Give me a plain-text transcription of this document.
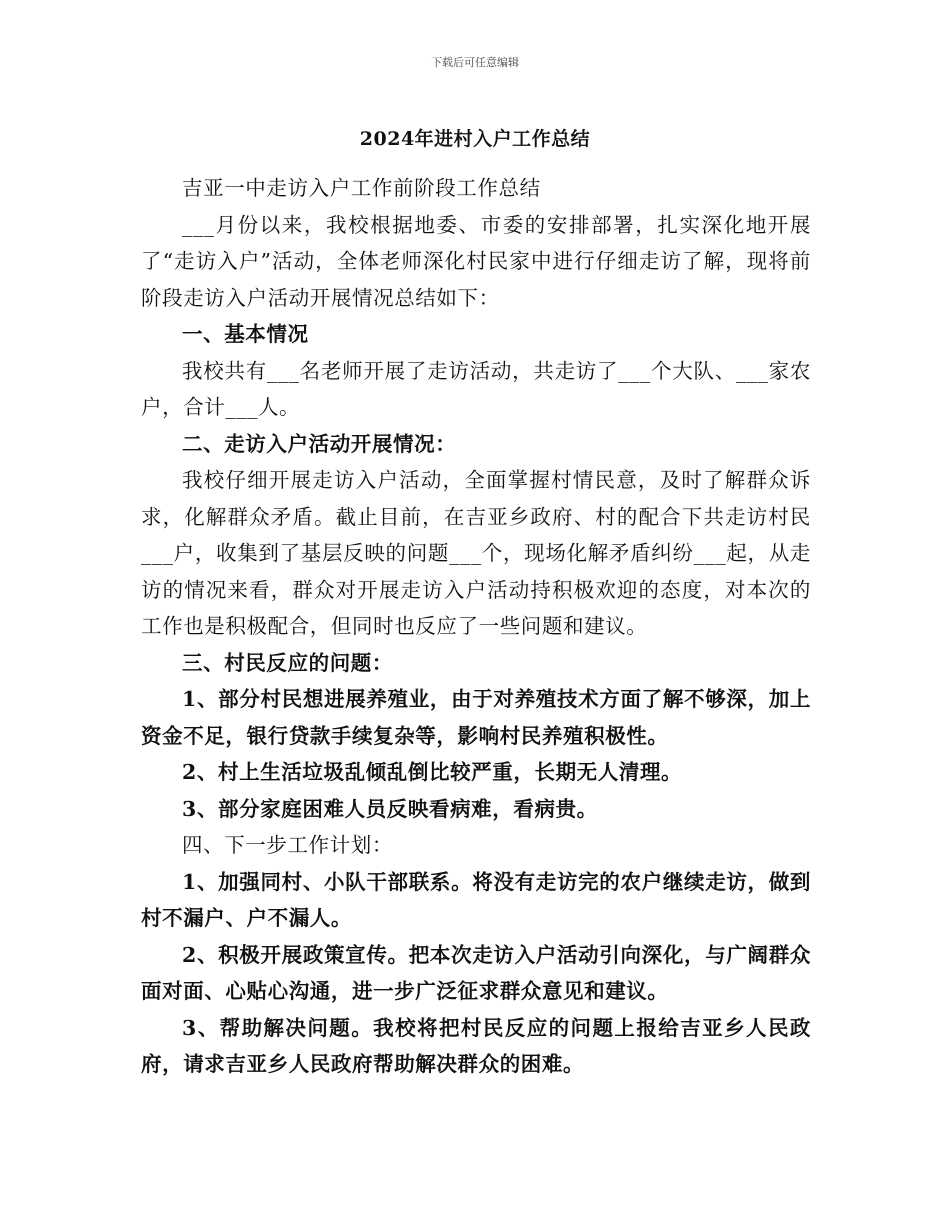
下载后可任意编辑
2024年进村入户工作总结

吉亚一中走访入户工作前阶段工作总结

___月份以来，我校根据地委、市委的安排部署，扎实深化地开展了“走访入户”活动，全体老师深化村民家中进行仔细走访了解，现将前阶段走访入户活动开展情况总结如下：

一、基本情况

我校共有___名老师开展了走访活动，共走访了___个大队、___家农户，合计___人。

二、走访入户活动开展情况：

我校仔细开展走访入户活动，全面掌握村情民意，及时了解群众诉求，化解群众矛盾。截止目前，在吉亚乡政府、村的配合下共走访村民___户，收集到了基层反映的问题___个，现场化解矛盾纠纷___起，从走访的情况来看，群众对开展走访入户活动持积极欢迎的态度，对本次的工作也是积极配合，但同时也反应了一些问题和建议。

三、村民反应的问题：

1、部分村民想进展养殖业，由于对养殖技术方面了解不够深，加上资金不足，银行贷款手续复杂等，影响村民养殖积极性。

2、村上生活垃圾乱倾乱倒比较严重，长期无人清理。

3、部分家庭困难人员反映看病难，看病贵。

四、下一步工作计划：

1、加强同村、小队干部联系。将没有走访完的农户继续走访，做到村不漏户、户不漏人。

2、积极开展政策宣传。把本次走访入户活动引向深化，与广阔群众面对面、心贴心沟通，进一步广泛征求群众意见和建议。

3、帮助解决问题。我校将把村民反应的问题上报给吉亚乡人民政府，请求吉亚乡人民政府帮助解决群众的困难。
